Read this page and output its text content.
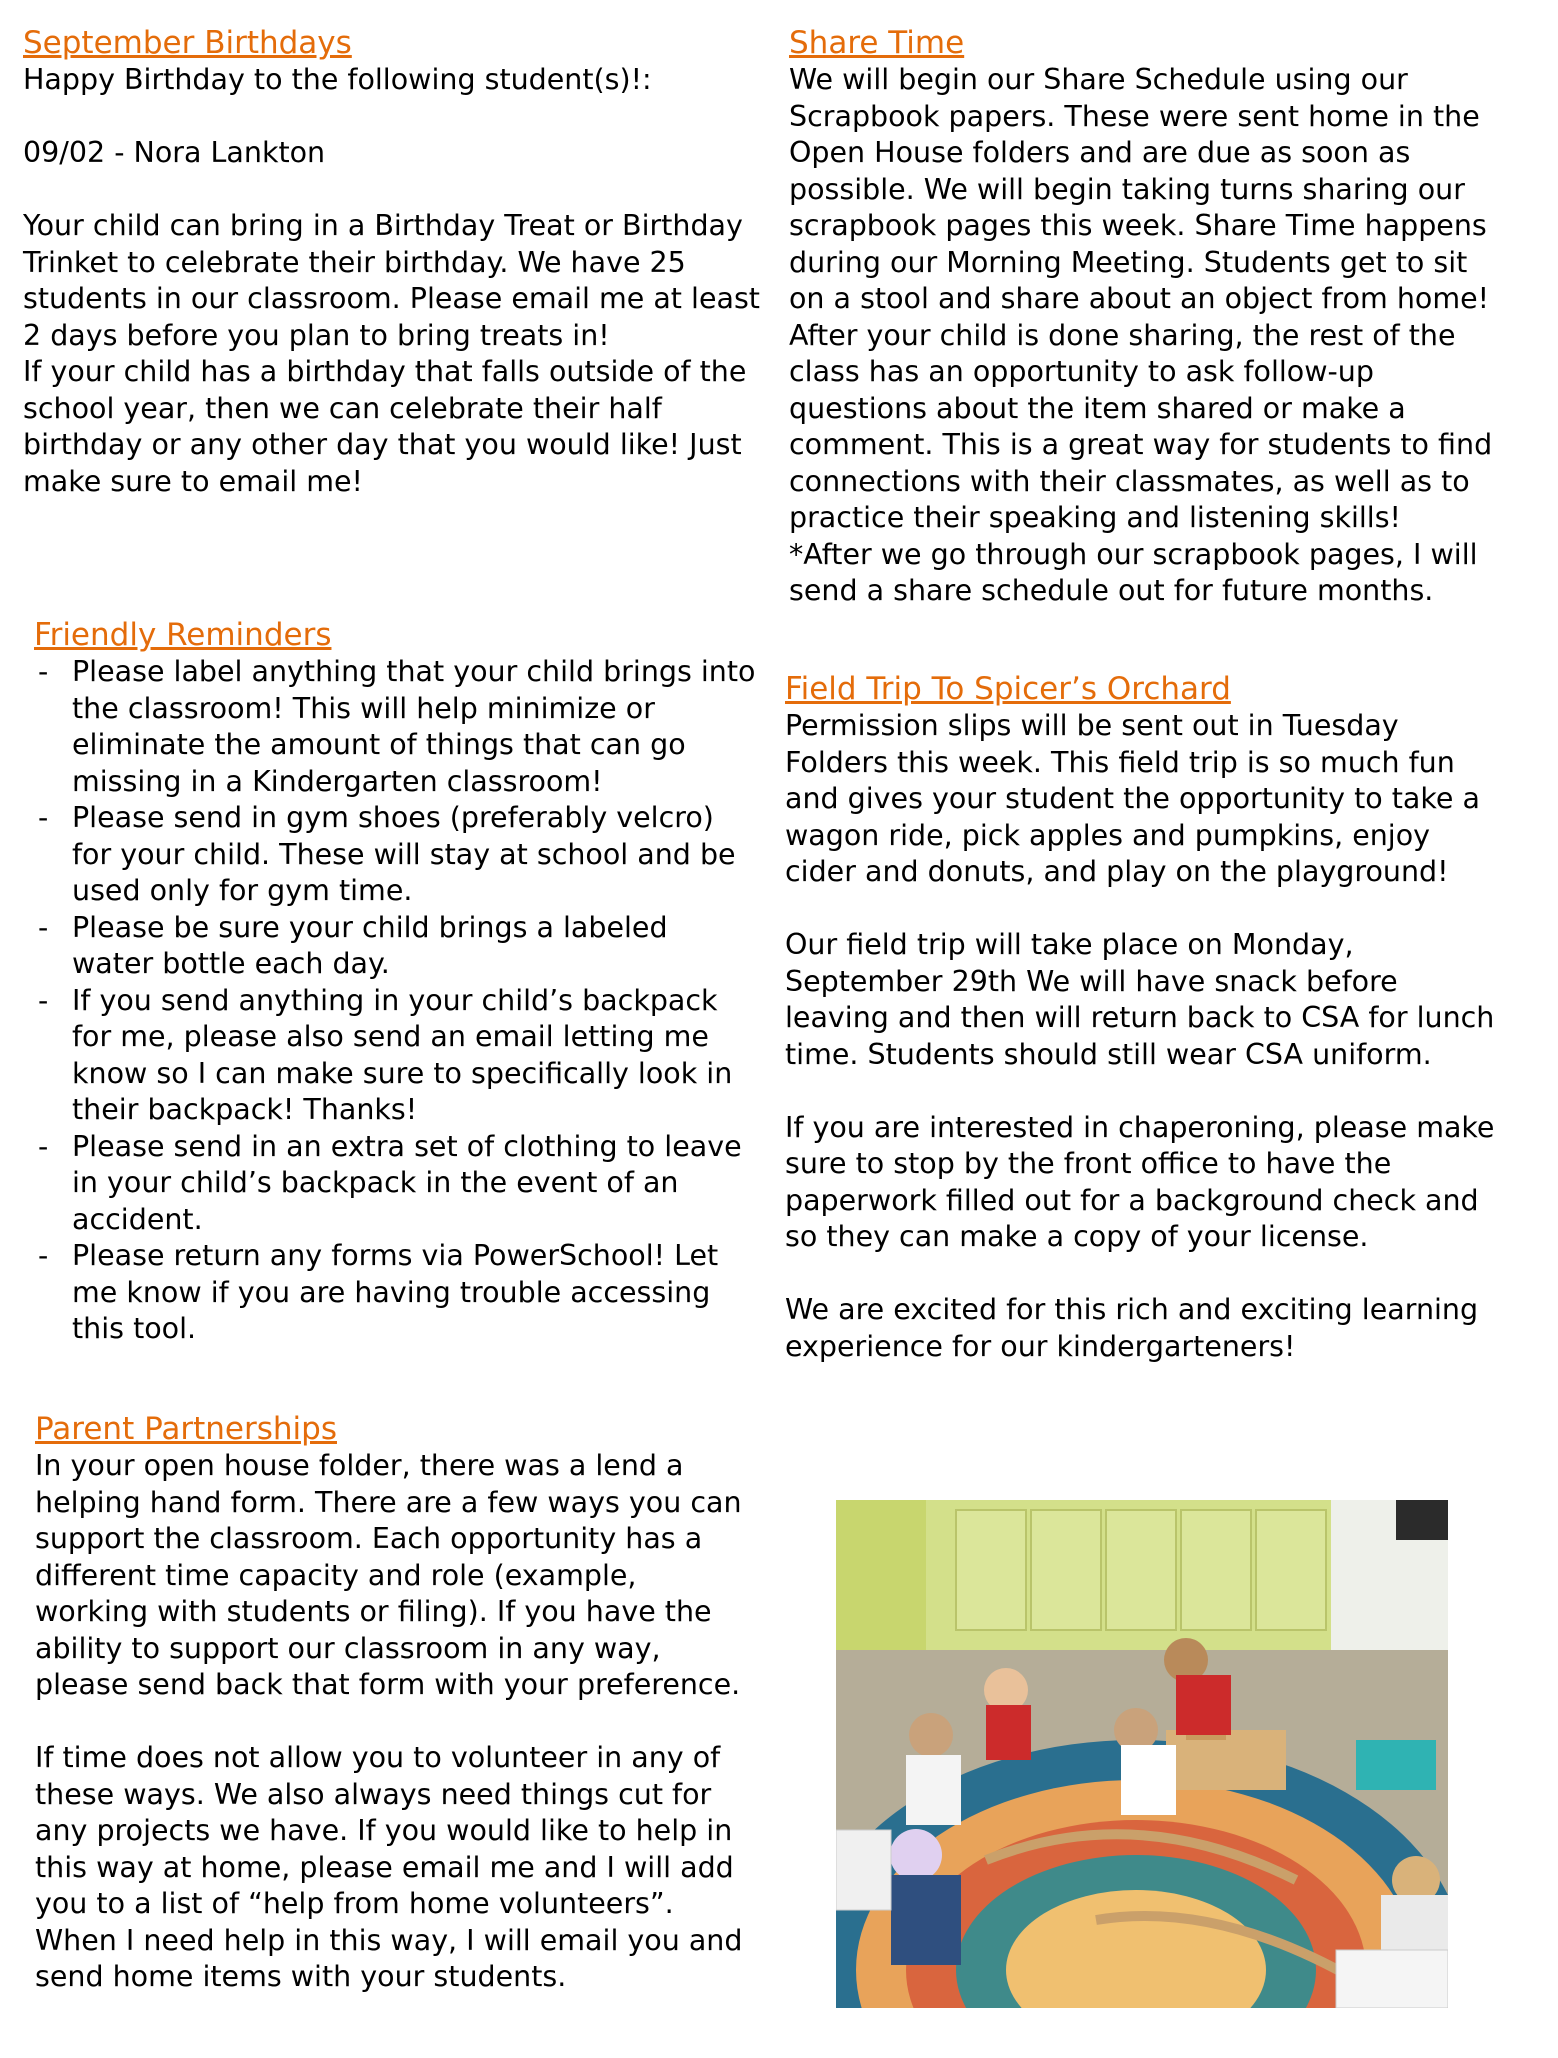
September Birthdays

Happy Birthday to the following student(s)!:

09/02 - Nora Lankton

Your child can bring in a Birthday Treat or Birthday Trinket to celebrate their birthday. We have 25 students in our classroom. Please email me at least 2 days before you plan to bring treats in!
If your child has a birthday that falls outside of the school year, then we can celebrate their half birthday or any other day that you would like! Just make sure to email me!

Share Time

We will begin our Share Schedule using our Scrapbook papers. These were sent home in the Open House folders and are due as soon as possible. We will begin taking turns sharing our scrapbook pages this week. Share Time happens during our Morning Meeting. Students get to sit on a stool and share about an object from home! After your child is done sharing, the rest of the class has an opportunity to ask follow-up questions about the item shared or make a comment. This is a great way for students to find connections with their classmates, as well as to practice their speaking and listening skills!
*After we go through our scrapbook pages, I will send a share schedule out for future months.

Friendly Reminders
- Please label anything that your child brings into the classroom! This will help minimize or eliminate the amount of things that can go missing in a Kindergarten classroom!
- Please send in gym shoes (preferably velcro) for your child. These will stay at school and be used only for gym time.
- Please be sure your child brings a labeled water bottle each day.
- If you send anything in your child’s backpack for me, please also send an email letting me know so I can make sure to specifically look in their backpack! Thanks!
- Please send in an extra set of clothing to leave in your child’s backpack in the event of an accident.
- Please return any forms via PowerSchool! Let me know if you are having trouble accessing this tool.
Field Trip To Spicer’s Orchard

Permission slips will be sent out in Tuesday Folders this week. This field trip is so much fun and gives your student the opportunity to take a wagon ride, pick apples and pumpkins, enjoy cider and donuts, and play on the playground!

Our field trip will take place on Monday, September 29th We will have snack before leaving and then will return back to CSA for lunch time. Students should still wear CSA uniform.

If you are interested in chaperoning, please make sure to stop by the front office to have the paperwork filled out for a background check and so they can make a copy of your license.

We are excited for this rich and exciting learning experience for our kindergarteners!

Parent Partnerships

In your open house folder, there was a lend a helping hand form. There are a few ways you can support the classroom. Each opportunity has a different time capacity and role (example, working with students or filing). If you have the ability to support our classroom in any way, please send back that form with your preference.

If time does not allow you to volunteer in any of these ways. We also always need things cut for any projects we have. If you would like to help in this way at home, please email me and I will add you to a list of “help from home volunteers”. When I need help in this way, I will email you and send home items with your students.
